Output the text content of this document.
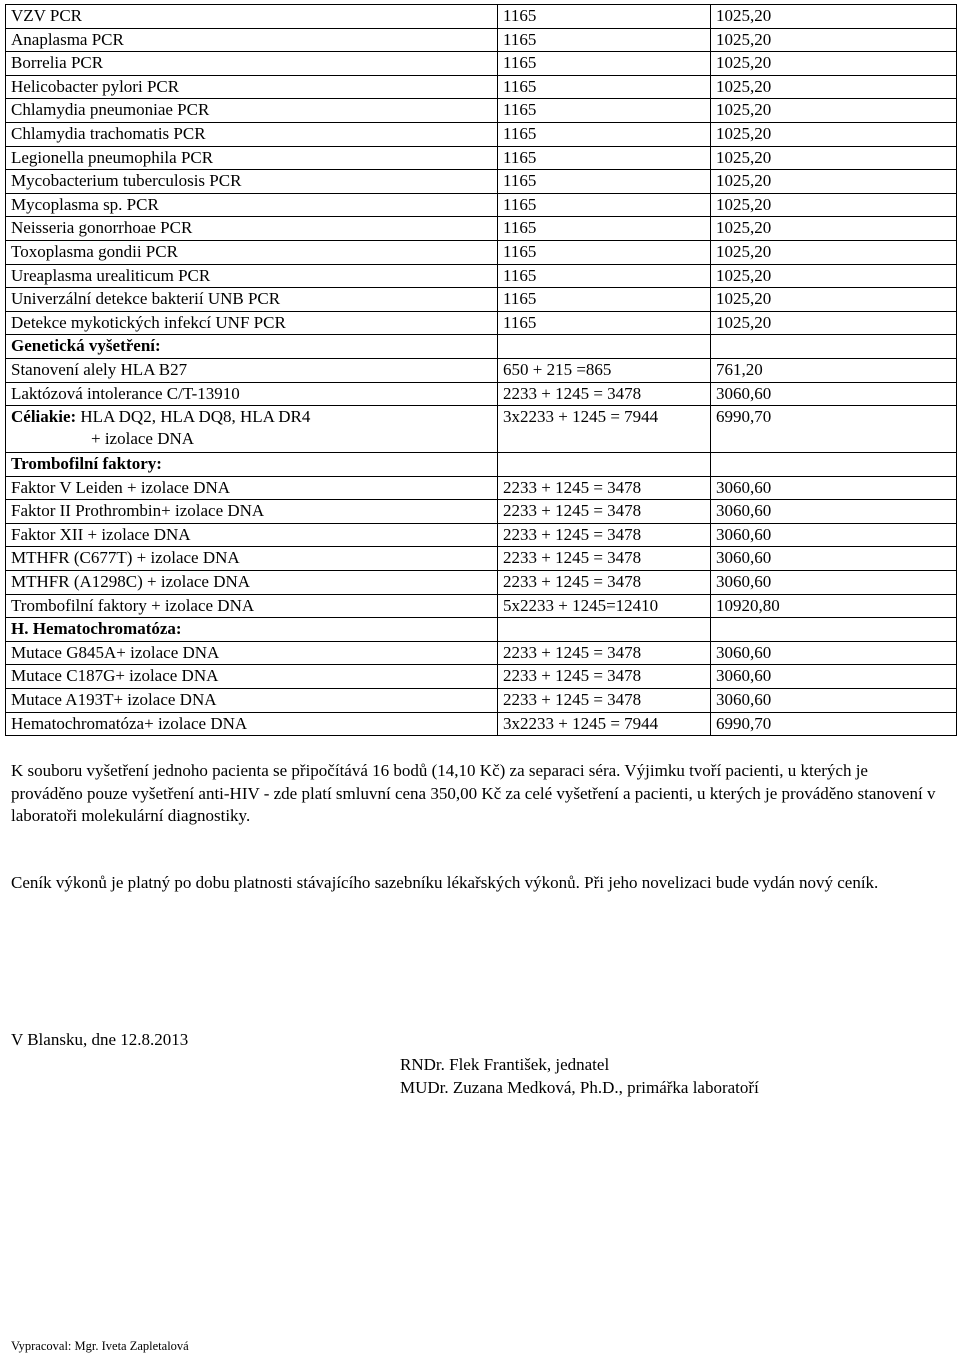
VZV PCR	1165	1025,20
Anaplasma PCR	1165	1025,20
Borrelia PCR	1165	1025,20
Helicobacter pylori PCR	1165	1025,20
Chlamydia pneumoniae PCR	1165	1025,20
Chlamydia trachomatis PCR	1165	1025,20
Legionella pneumophila PCR	1165	1025,20
Mycobacterium tuberculosis PCR	1165	1025,20
Mycoplasma sp. PCR	1165	1025,20
Neisseria gonorrhoae PCR	1165	1025,20
Toxoplasma gondii PCR	1165	1025,20
Ureaplasma urealiticum PCR	1165	1025,20
Univerzální detekce bakterií UNB PCR	1165	1025,20
Detekce mykotických infekcí UNF PCR	1165	1025,20
Genetická vyšetření:		
Stanovení alely HLA B27	650 + 215 =865	761,20
Laktózová intolerance C/T-13910	2233 + 1245 = 3478	3060,60
Céliakie: HLA DQ2, HLA DQ8, HLA DR4
+ izolace DNA	3x2233 + 1245 = 7944	6990,70
Trombofilní faktory:		
Faktor V Leiden + izolace DNA	2233 + 1245 = 3478	3060,60
Faktor II Prothrombin+ izolace DNA	2233 + 1245 = 3478	3060,60
Faktor XII + izolace DNA	2233 + 1245 = 3478	3060,60
MTHFR (C677T) + izolace DNA	2233 + 1245 = 3478	3060,60
MTHFR (A1298C) + izolace DNA	2233 + 1245 = 3478	3060,60
Trombofilní faktory + izolace DNA	5x2233 + 1245=12410	10920,80
H. Hematochromatóza:		
Mutace G845A+ izolace DNA	2233 + 1245 = 3478	3060,60
Mutace C187G+ izolace DNA	2233 + 1245 = 3478	3060,60
Mutace A193T+ izolace DNA	2233 + 1245 = 3478	3060,60
Hematochromatóza+ izolace DNA	3x2233 + 1245 = 7944	6990,70

K souboru vyšetření jednoho pacienta se připočítává 16 bodů (14,10 Kč) za separaci séra. Výjimku tvoří pacienti, u kterých je prováděno pouze vyšetření anti-HIV - zde platí smluvní cena 350,00 Kč za celé vyšetření a pacienti, u kterých je prováděno stanovení v laboratoři molekulární diagnostiky.

Ceník výkonů je platný po dobu platnosti stávajícího sazebníku lékařských výkonů. Při jeho novelizaci bude vydán nový ceník.

V Blansku, dne 12.8.2013

RNDr. Flek František, jednatel
MUDr. Zuzana Medková, Ph.D., primářka laboratoří
Vypracoval: Mgr. Iveta Zapletalová
